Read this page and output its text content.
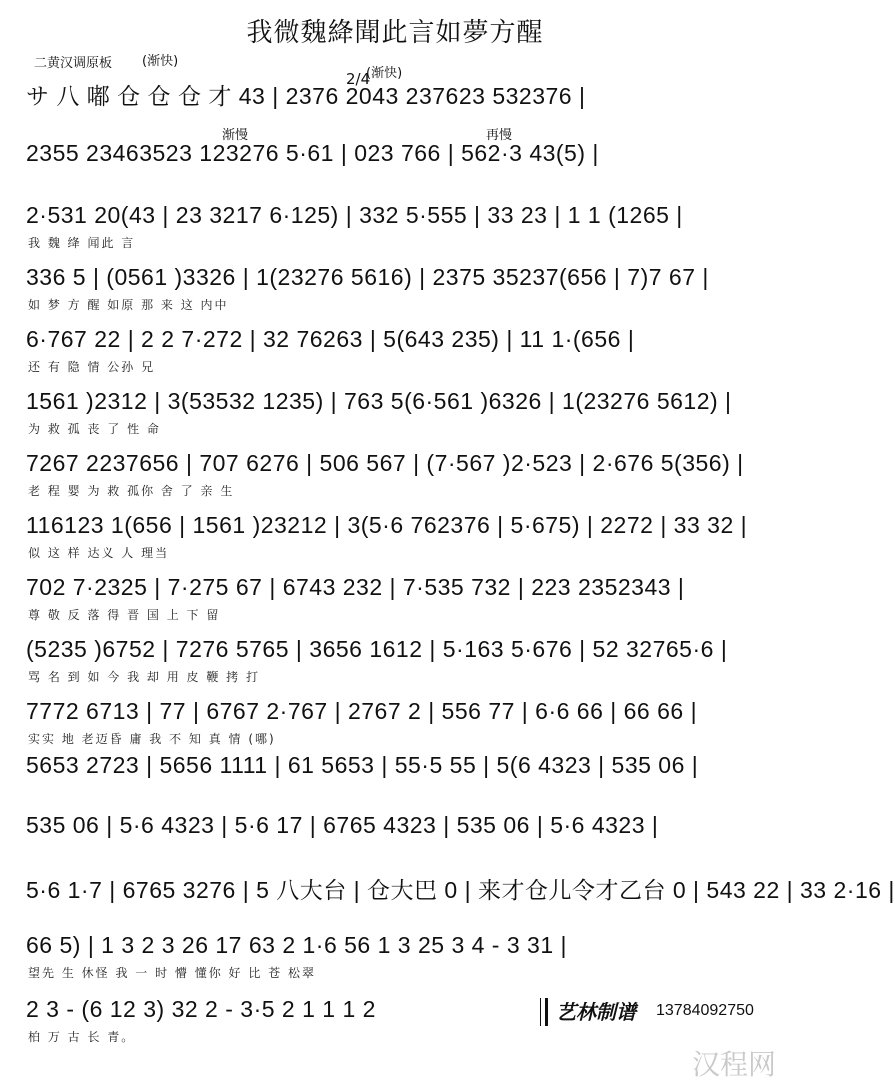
我微魏絳聞此言如夢方醒
二黄汉调原板 (渐快)
(渐快)
2/4
サ 八 嘟 仓 仓 仓 才 43 | 2376 2043 237623 532376 |
2355 23463523 123276 5·61 | 023 766 | 562·3 43(5) |
渐慢	再慢
2·531 20(43 | 23 3217 6·125) | 332 5·555 | 33 23 | 1 1 (1265 |
我 魏 绛 闻此 言
336 5 | (0561 )3326 | 1(23276 5616) | 2375 35237(656 | 7)7 67 |
如 梦 方 醒 如原 那 来 这 内中
6·767 22 | 2 2 7·272 | 32 76263 | 5(643 235) | 11 1·(656 |
还 有 隐 情 公孙 兄
1561 )2312 | 3(53532 1235) | 763 5(6·561 )6326 | 1(23276 5612) |
为 救 孤 丧 了 性 命
7267 2237656 | 707 6276 | 506 567 | (7·567 )2·523 | 2·676 5(356) |
老 程 婴 为 救 孤你 舍 了 亲 生
116123 1(656 | 1561 )23212 | 3(5·6 762376 | 5·675) | 2272 | 33 32 |
似 这 样 达义 人 理当
702 7·2325 | 7·275 67 | 6743 232 | 7·535 732 | 223 2352343 |
尊 敬 反 落 得 晋 国 上 下 留
(5235 )6752 | 7276 5765 | 3656 1612 | 5·163 5·676 | 52 32765·6 |
骂 名 到 如 今 我 却 用 皮 鞭 拷 打
7772 6713 | 77 | 6767 2·767 | 2767 2 | 556 77 | 6·6 66 | 66 66 |
实实 地 老迈昏 庸 我 不 知 真 情 (哪)
5653 2723 | 5656 1111 | 61 5653 | 55·5 55 | 5(6 4323 | 535 06 |
535 06 | 5·6 4323 | 5·6 17 | 6765 4323 | 535 06 | 5·6 4323 |
5·6 1·7 | 6765 3276 | 5 八大台 | 仓大巴 0 | 来才仓儿令才乙台 0 | 543 22 | 33 2·16 |
66 5) | 1 3 2 3 26 17 63 2 1·6 56 1 3 25 3 4 - 3 31 |
望先 生 休怪 我 一 时 懵 懂你 好 比 苍 松翠
2 3 - (6 12 3) 32 2 - 3·5 2 1 1 1 2
柏 万 古 长 青。
艺林制谱 13784092750
汉程网
